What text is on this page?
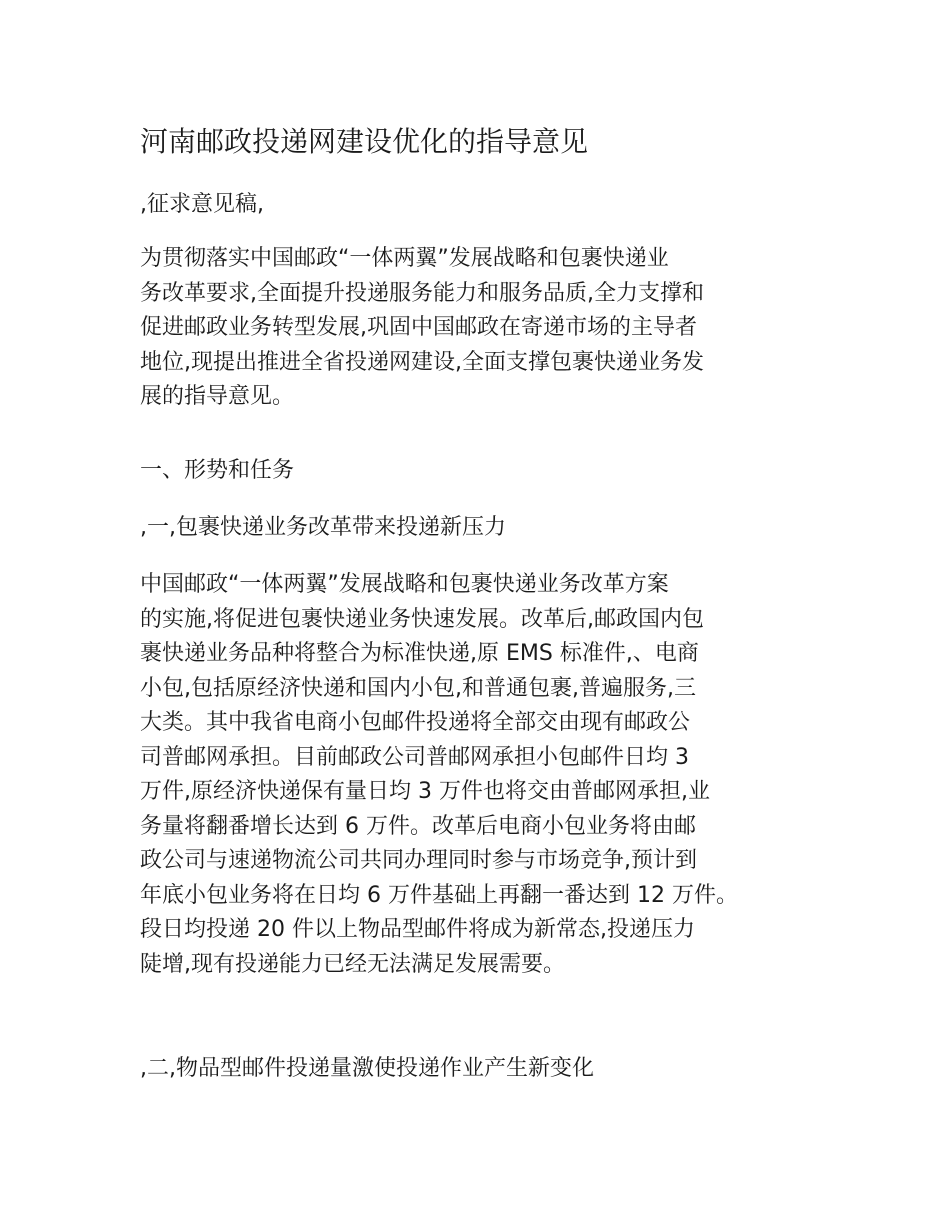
河南邮政投递网建设优化的指导意见

,征求意见稿,

为贯彻落实中国邮政“一体两翼”发展战略和包裹快递业
务改革要求,全面提升投递服务能力和服务品质,全力支撑和
促进邮政业务转型发展,巩固中国邮政在寄递市场的主导者
地位,现提出推进全省投递网建设,全面支撑包裹快递业务发
展的指导意见。

一、形势和任务

,一,包裹快递业务改革带来投递新压力

中国邮政“一体两翼”发展战略和包裹快递业务改革方案
的实施,将促进包裹快递业务快速发展。改革后,邮政国内包
裹快递业务品种将整合为标准快递,原 EMS 标准件,、电商
小包,包括原经济快递和国内小包,和普通包裹,普遍服务,三
大类。其中我省电商小包邮件投递将全部交由现有邮政公
司普邮网承担。目前邮政公司普邮网承担小包邮件日均 3
万件,原经济快递保有量日均 3 万件也将交由普邮网承担,业
务量将翻番增长达到 6 万件。改革后电商小包业务将由邮
政公司与速递物流公司共同办理同时参与市场竞争,预计到
年底小包业务将在日均 6 万件基础上再翻一番达到 12 万件。
段日均投递 20 件以上物品型邮件将成为新常态,投递压力
陡增,现有投递能力已经无法满足发展需要。

,二,物品型邮件投递量激使投递作业产生新变化
